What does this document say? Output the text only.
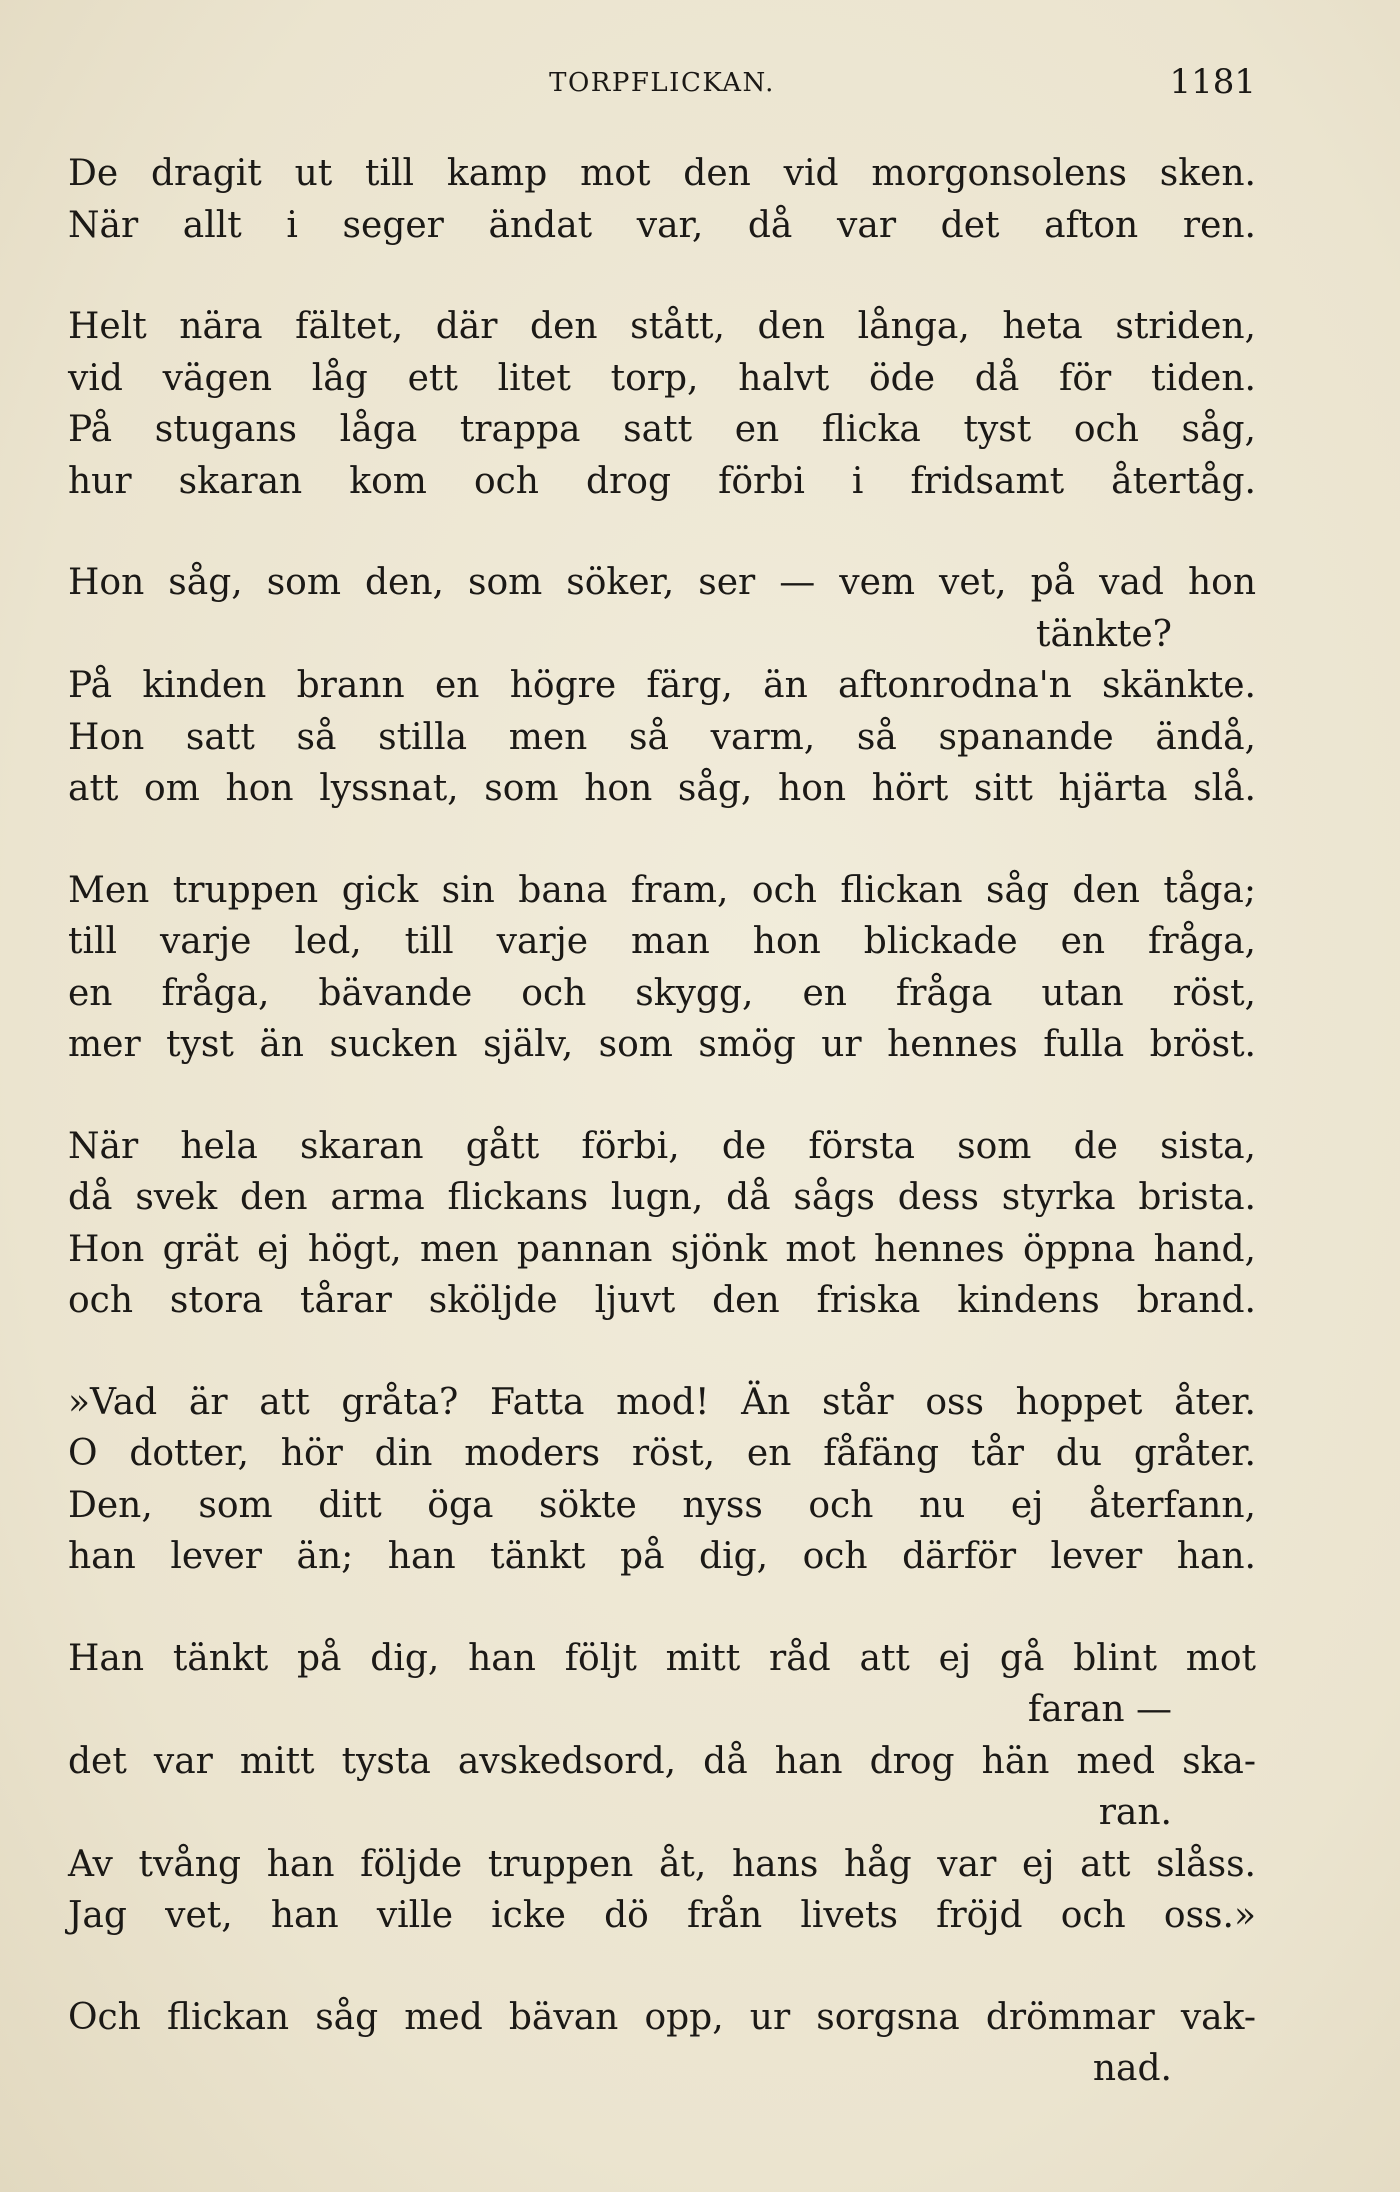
TORPFLICKAN.	1181
De dragit ut till kamp mot den vid morgonsolens sken.
När allt i seger ändat var, då var det afton ren.
Helt nära fältet, där den stått, den långa, heta striden,
vid vägen låg ett litet torp, halvt öde då för tiden.
På stugans låga trappa satt en flicka tyst och såg,
hur skaran kom och drog förbi i fridsamt återtåg.
Hon såg, som den, som söker, ser — vem vet, på vad hon
tänkte?
På kinden brann en högre färg, än aftonrodna'n skänkte.
Hon satt så stilla men så varm, så spanande ändå,
att om hon lyssnat, som hon såg, hon hört sitt hjärta slå.
Men truppen gick sin bana fram, och flickan såg den tåga;
till varje led, till varje man hon blickade en fråga,
en fråga, bävande och skygg, en fråga utan röst,
mer tyst än sucken själv, som smög ur hennes fulla bröst.
När hela skaran gått förbi, de första som de sista,
då svek den arma flickans lugn, då sågs dess styrka brista.
Hon grät ej högt, men pannan sjönk mot hennes öppna hand,
och stora tårar sköljde ljuvt den friska kindens brand.
»Vad är att gråta? Fatta mod! Än står oss hoppet åter.
O dotter, hör din moders röst, en fåfäng tår du gråter.
Den, som ditt öga sökte nyss och nu ej återfann,
han lever än; han tänkt på dig, och därför lever han.
Han tänkt på dig, han följt mitt råd att ej gå blint mot
faran —
det var mitt tysta avskedsord, då han drog hän med ska-
ran.
Av tvång han följde truppen åt, hans håg var ej att slåss.
Jag vet, han ville icke dö från livets fröjd och oss.»
Och flickan såg med bävan opp, ur sorgsna drömmar vak-
nad.
